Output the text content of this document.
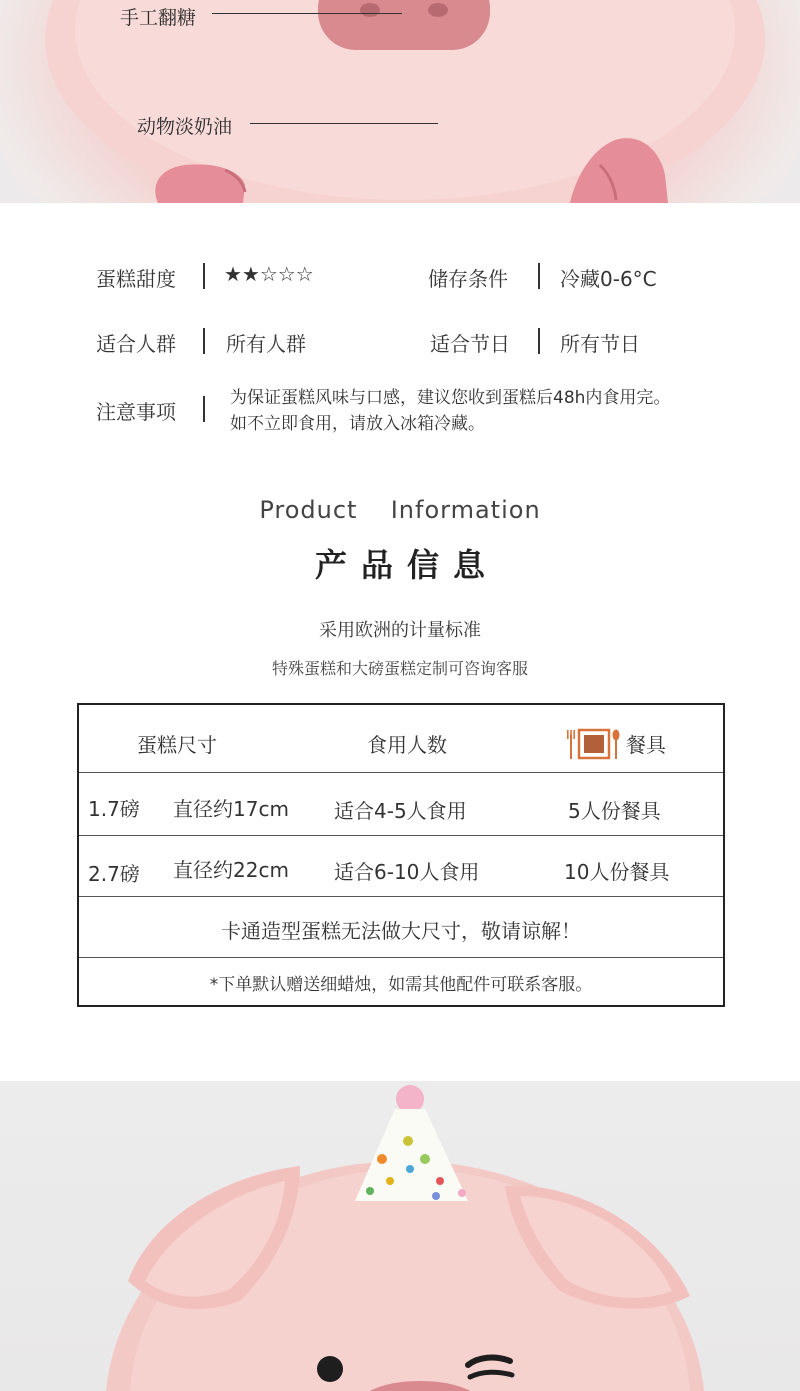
手工翻糖
动物淡奶油
蛋糕甜度 ★★☆☆☆	储存条件	冷藏0-6°C
适合人群	所有人群	适合节日	所有节日
注意事项
为保证蛋糕风味与口感，建议您收到蛋糕后48h内食用完。
如不立即食用，请放入冰箱冷藏。
Product  Information
产品信息
采用欧洲的计量标准
特殊蛋糕和大磅蛋糕定制可咨询客服
蛋糕尺寸	食用人数	餐具
1.7磅 直径约17cm 适合4-5人食用	5人份餐具
2.7磅 直径约22cm 适合6-10人食用	10人份餐具
卡通造型蛋糕无法做大尺寸，敬请谅解！
*下单默认赠送细蜡烛，如需其他配件可联系客服。
